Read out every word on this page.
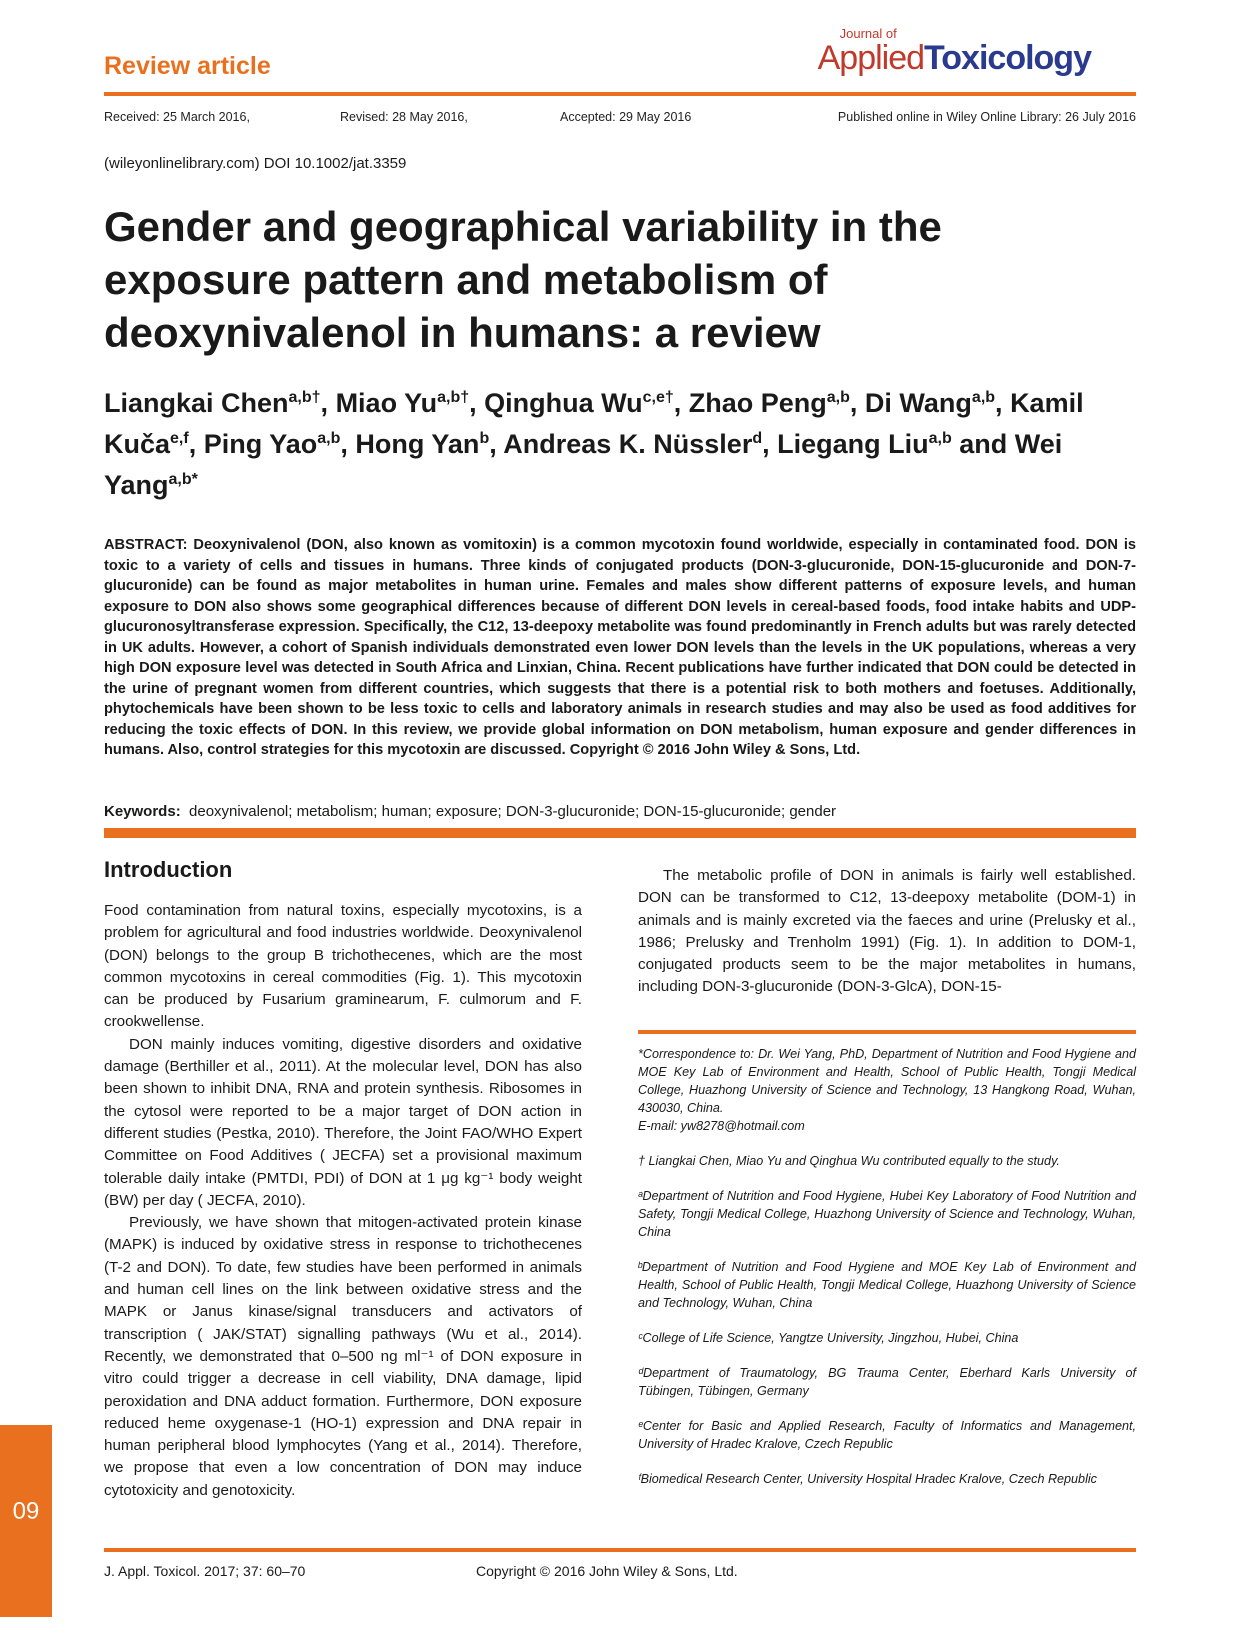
Review article
Journal of
AppliedToxicology
Received: 25 March 2016,	Revised: 28 May 2016,	Accepted: 29 May 2016	Published online in Wiley Online Library: 26 July 2016
(wileyonlinelibrary.com) DOI 10.1002/jat.3359
Gender and geographical variability in the exposure pattern and metabolism of deoxynivalenol in humans: a review
Liangkai Chen$^{a,b\dagger}$, Miao $Yu^{a,b\dagger}$, Qinghua $Wu^{c,e\dagger}$, Zhao Peng$^{a,b}$, Di Wang$^{a,b}$, Kamil Kuča$^{e,f}$, Ping Yao$^{a,b}$, Hong Yan$^b$, Andreas K. Nüssler$^d$, Liegang Liu$^{a,b}$ and Wei Yang$^{a,b*}$
ABSTRACT: Deoxynivalenol (DON, also known as vomitoxin) is a common mycotoxin found worldwide, especially in contaminated food. DON is toxic to a variety of cells and tissues in humans. Three kinds of conjugated products (DON-3-glucuronide, DON-15-glucuronide and DON-7-glucuronide) can be found as major metabolites in human urine. Females and males show different patterns of exposure levels, and human exposure to DON also shows some geographical differences because of different DON levels in cereal-based foods, food intake habits and UDP-glucuronosyltransferase expression. Specifically, the C12, 13-deepoxy metabolite was found predominantly in French adults but was rarely detected in UK adults. However, a cohort of Spanish individuals demonstrated even lower DON levels than the levels in the UK populations, whereas a very high DON exposure level was detected in South Africa and Linxian, China. Recent publications have further indicated that DON could be detected in the urine of pregnant women from different countries, which suggests that there is a potential risk to both mothers and foetuses. Additionally, phytochemicals have been shown to be less toxic to cells and laboratory animals in research studies and may also be used as food additives for reducing the toxic effects of DON. In this review, we provide global information on DON metabolism, human exposure and gender differences in humans. Also, control strategies for this mycotoxin are discussed. Copyright © 2016 John Wiley & Sons, Ltd.
Keywords: deoxynivalenol; metabolism; human; exposure; DON-3-glucuronide; DON-15-glucuronide; gender
Introduction

Food contamination from natural toxins, especially mycotoxins, is a problem for agricultural and food industries worldwide. Deoxynivalenol (DON) belongs to the group B trichothecenes, which are the most common mycotoxins in cereal commodities (Fig. 1). This mycotoxin can be produced by Fusarium graminearum, F. culmorum and F. crookwellense.

DON mainly induces vomiting, digestive disorders and oxidative damage (Berthiller et al., 2011). At the molecular level, DON has also been shown to inhibit DNA, RNA and protein synthesis. Ribosomes in the cytosol were reported to be a major target of DON action in different studies (Pestka, 2010). Therefore, the Joint FAO/WHO Expert Committee on Food Additives ( JECFA) set a provisional maximum tolerable daily intake (PMTDI, PDI) of DON at 1 μg kg⁻¹ body weight (BW) per day ( JECFA, 2010).

Previously, we have shown that mitogen-activated protein kinase (MAPK) is induced by oxidative stress in response to trichothecenes (T-2 and DON). To date, few studies have been performed in animals and human cell lines on the link between oxidative stress and the MAPK or Janus kinase/signal transducers and activators of transcription ( JAK/STAT) signalling pathways (Wu et al., 2014). Recently, we demonstrated that 0–500 ng ml⁻¹ of DON exposure in vitro could trigger a decrease in cell viability, DNA damage, lipid peroxidation and DNA adduct formation. Furthermore, DON exposure reduced heme oxygenase-1 (HO-1) expression and DNA repair in human peripheral blood lymphocytes (Yang et al., 2014). Therefore, we propose that even a low concentration of DON may induce cytotoxicity and genotoxicity.

The metabolic profile of DON in animals is fairly well established. DON can be transformed to C12, 13-deepoxy metabolite (DOM-1) in animals and is mainly excreted via the faeces and urine (Prelusky et al., 1986; Prelusky and Trenholm 1991) (Fig. 1). In addition to DOM-1, conjugated products seem to be the major metabolites in humans, including DON-3-glucuronide (DON-3-GlcA), DON-15-

*Correspondence to: Dr. Wei Yang, PhD, Department of Nutrition and Food Hygiene and MOE Key Lab of Environment and Health, School of Public Health, Tongji Medical College, Huazhong University of Science and Technology, 13 Hangkong Road, Wuhan, 430030, China.

E-mail: yw8278@hotmail.com

† Liangkai Chen, Miao Yu and Qinghua Wu contributed equally to the study.

ᵃDepartment of Nutrition and Food Hygiene, Hubei Key Laboratory of Food Nutrition and Safety, Tongji Medical College, Huazhong University of Science and Technology, Wuhan, China

ᵇDepartment of Nutrition and Food Hygiene and MOE Key Lab of Environment and Health, School of Public Health, Tongji Medical College, Huazhong University of Science and Technology, Wuhan, China

ᶜCollege of Life Science, Yangtze University, Jingzhou, Hubei, China

ᵈDepartment of Traumatology, BG Trauma Center, Eberhard Karls University of Tübingen, Tübingen, Germany

ᵉCenter for Basic and Applied Research, Faculty of Informatics and Management, University of Hradec Kralove, Czech Republic

ᶠBiomedical Research Center, University Hospital Hradec Kralove, Czech Republic

J. Appl. Toxicol. 2017; 37: 60–70	Copyright © 2016 John Wiley & Sons, Ltd.
60
